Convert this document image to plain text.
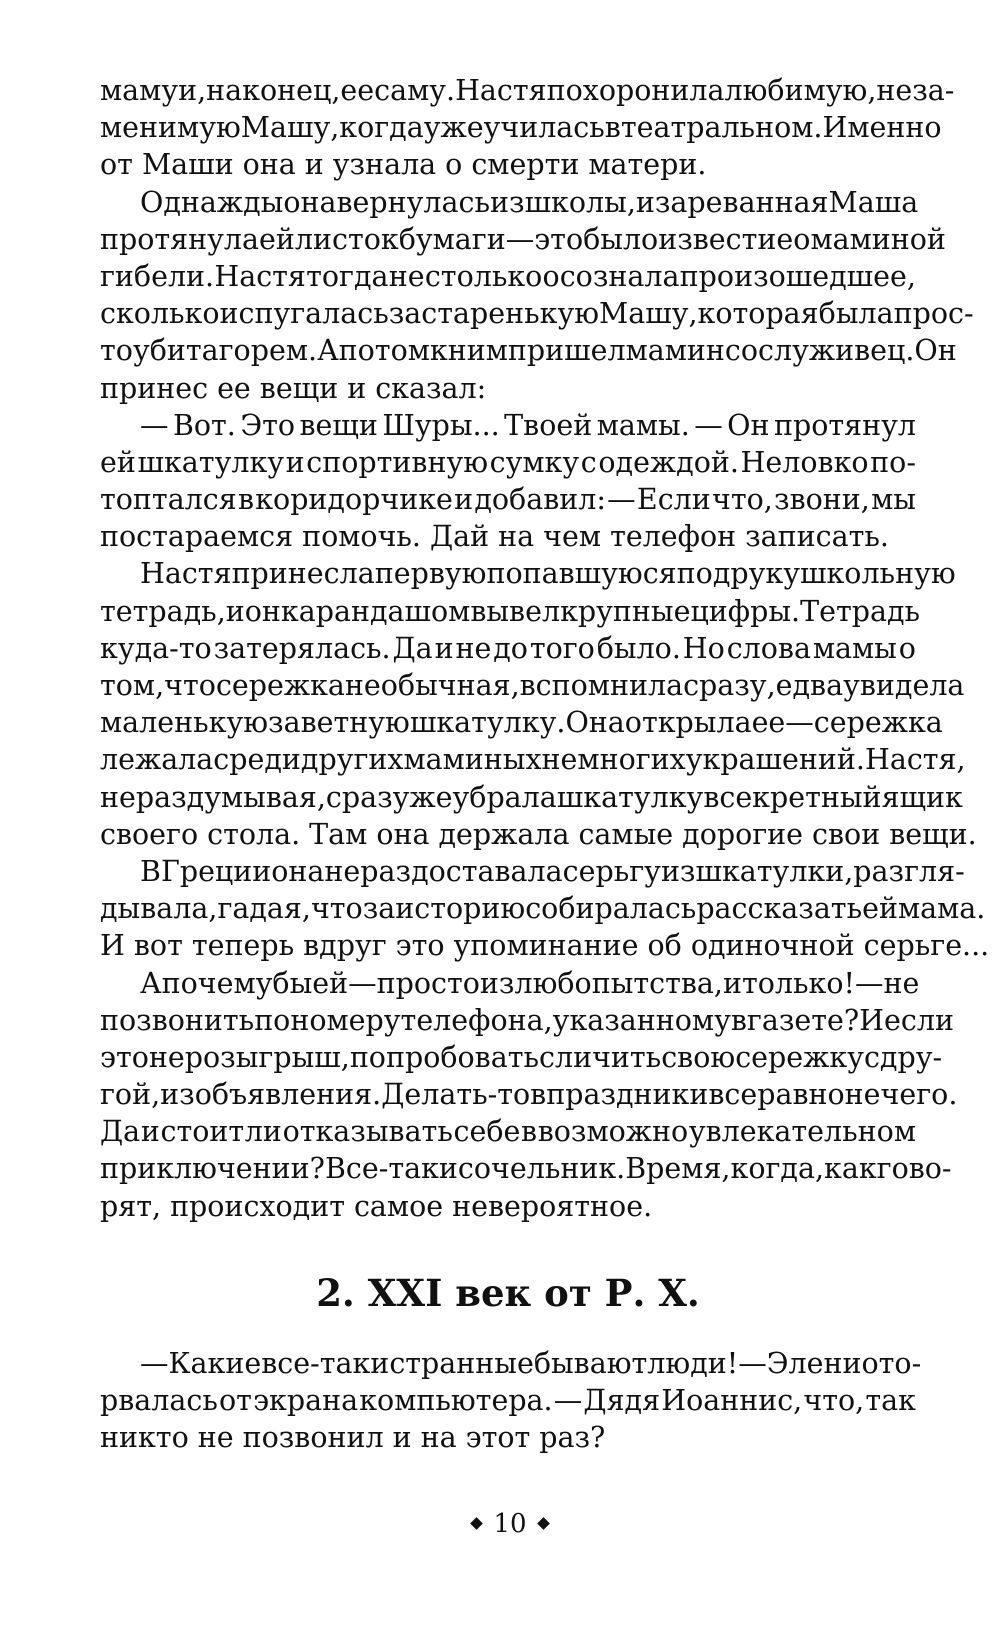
маму и, наконец, ее саму. Настя похоронила любимую, неза-
менимую Машу, когда уже училась в театральном. Именно
от Маши она и узнала о смерти матери.
Однажды она вернулась из школы, и зареванная Маша
протянула ей листок бумаги — это было известие о маминой
гибели. Настя тогда не столько осознала произошедшее,
сколько испугалась за старенькую Машу, которая была прос-
то убита горем. А потом к ним пришел мамин сослуживец. Он
принес ее вещи и сказал:
— Вот. Это вещи Шуры... Твоей мамы. — Он протянул
ей шкатулку и спортивную сумку с одеждой. Неловко по-
топтался в коридорчике и добавил: — Если что, звони, мы
постараемся помочь. Дай на чем телефон записать.
Настя принесла первую попавшуюся под руку школьную
тетрадь, и он карандашом вывел крупные цифры. Тетрадь
куда-то затерялась. Да и не до того было. Но слова мамы о
том, что сережка необычная, вспомнила сразу, едва увидела
маленькую заветную шкатулку. Она открыла ее — сережка
лежала среди других маминых немногих украшений. Настя,
не раздумывая, сразу же убрала шкатулку в секретный ящик
своего стола. Там она держала самые дорогие свои вещи.
В Греции она не раз доставала серьгу из шкатулки, разгля-
дывала, гадая, что за историю собиралась рассказать ей мама.
И вот теперь вдруг это упоминание об одиночной серьге...
А почему бы ей — просто из любопытства, и только! — не
позвонить по номеру телефона, указанному в газете? И если
это не розыгрыш, попробовать сличить свою сережку с дру-
гой, из объявления. Делать-то в праздники все равно нечего.
Да и стоит ли отказывать себе в возможно увлекательном
приключении? Все-таки сочельник. Время, когда, как гово-
рят, происходит самое невероятное.
2. XXI век от Р. Х.
— Какие все-таки странные бывают люди! — Элени ото-
рвалась от экрана компьютера. — Дядя Иоаннис, что, так
никто не позвонил и на этот раз?
10
